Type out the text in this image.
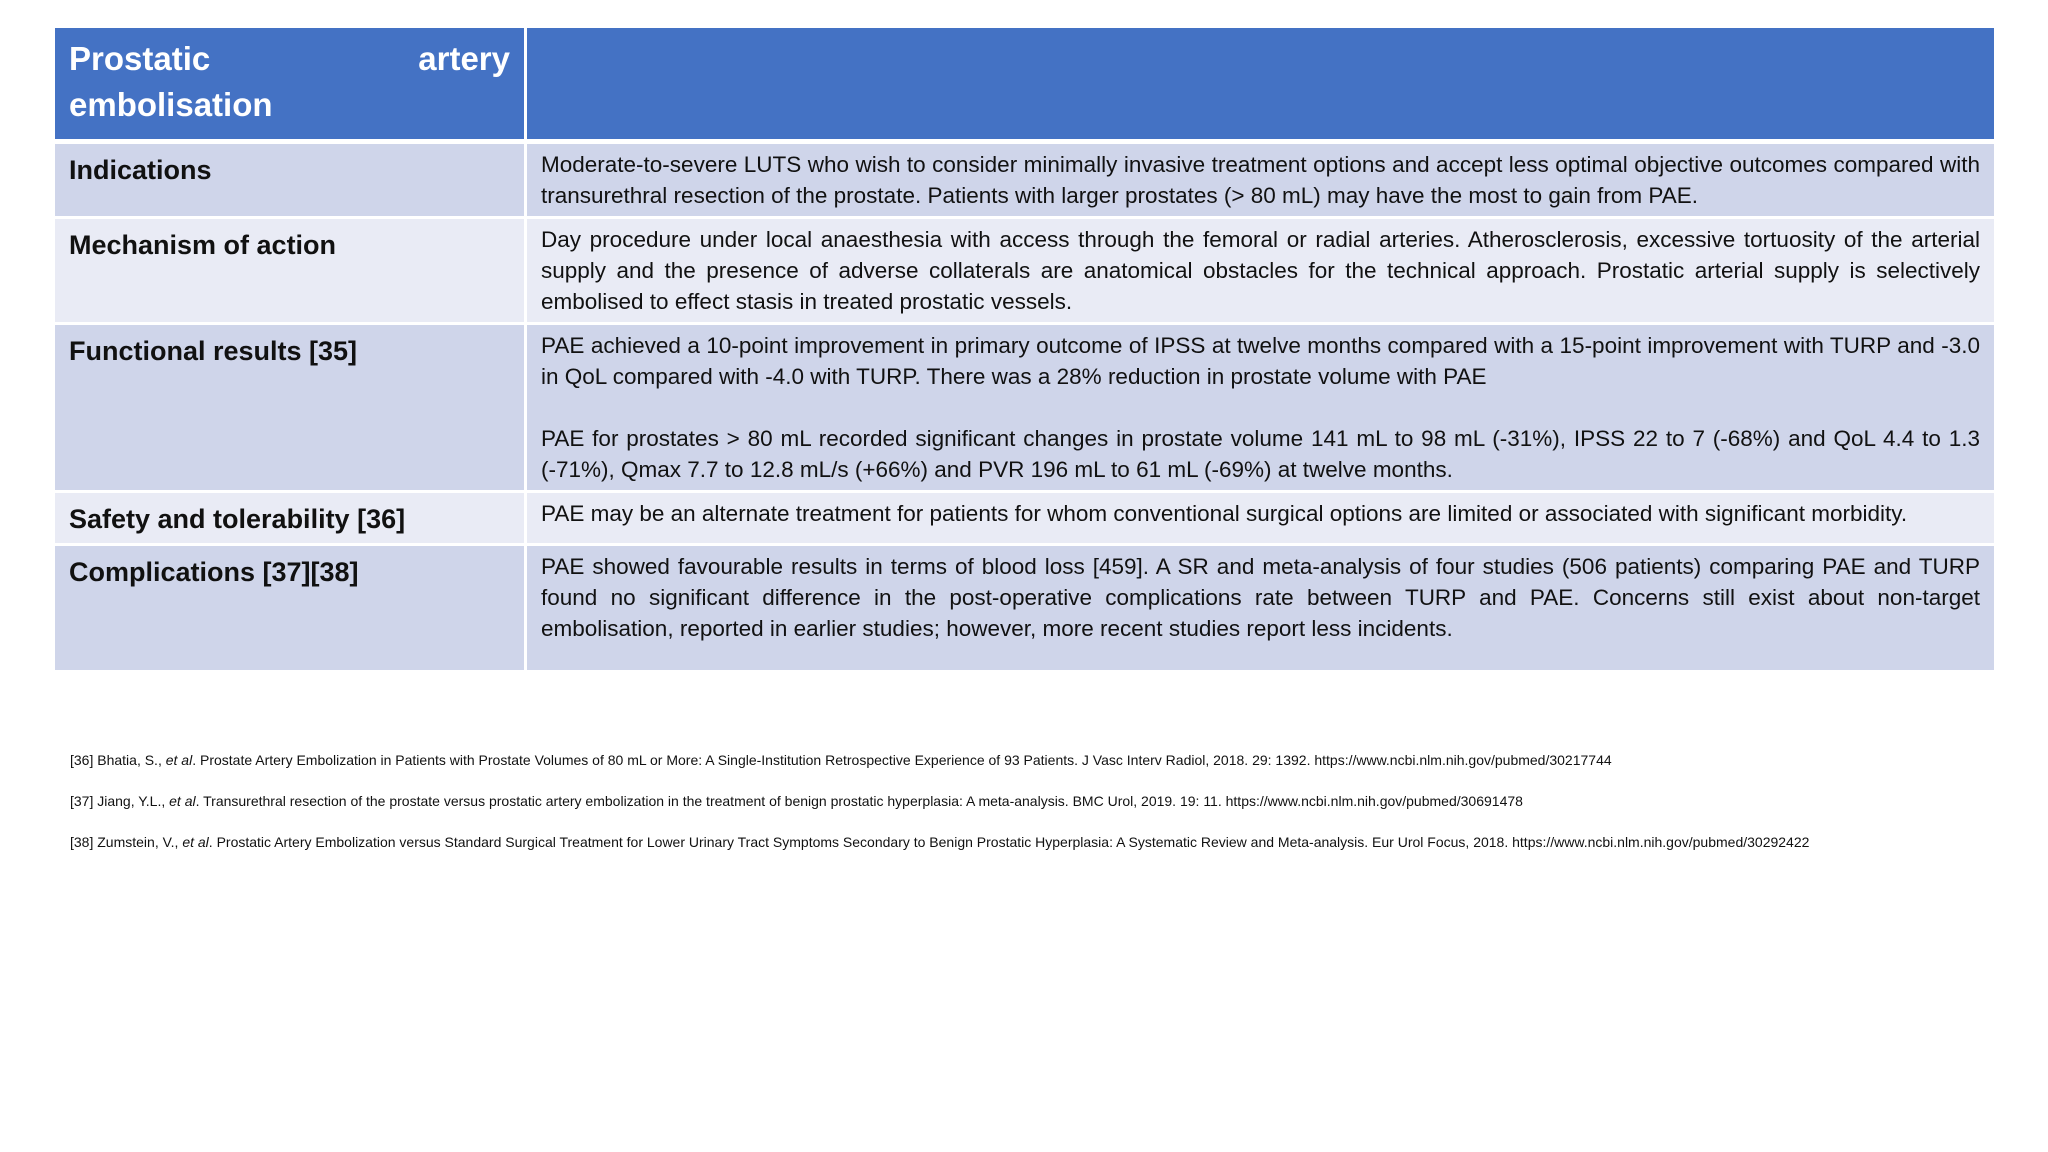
Prostatic artery
embolisation	

Indications	Moderate-to-severe LUTS who wish to consider minimally invasive treatment options and accept less optimal objective outcomes compared with transurethral resection of the prostate. Patients with larger prostates (> 80 mL) may have the most to gain from PAE.
Mechanism of action	Day procedure under local anaesthesia with access through the femoral or radial arteries. Atherosclerosis, excessive tortuosity of the arterial supply and the presence of adverse collaterals are anatomical obstacles for the technical approach. Prostatic arterial supply is selectively embolised to effect stasis in treated prostatic vessels.
Functional results [35]	PAE achieved a 10-point improvement in primary outcome of IPSS at twelve months compared with a 15-point improvement with TURP and -3.0 in QoL compared with -4.0 with TURP. There was a 28% reduction in prostate volume with PAE
PAE for prostates > 80 mL recorded significant changes in prostate volume 141 mL to 98 mL (-31%), IPSS 22 to 7 (-68%) and QoL 4.4 to 1.3 (-71%), Qmax 7.7 to 12.8 mL/s (+66%) and PVR 196 mL to 61 mL (-69%) at twelve months.

Safety and tolerability [36]	PAE may be an alternate treatment for patients for whom conventional surgical options are limited or associated with significant morbidity.
Complications [37][38]	PAE showed favourable results in terms of blood loss [459]. A SR and meta-analysis of four studies (506 patients) comparing PAE and TURP found no significant difference in the post-operative complications rate between TURP and PAE. Concerns still exist about non-target embolisation, reported in earlier studies; however, more recent studies report less incidents.
[36] Bhatia, S., et al. Prostate Artery Embolization in Patients with Prostate Volumes of 80 mL or More: A Single-Institution Retrospective Experience of 93 Patients. J Vasc Interv Radiol, 2018. 29: 1392. https://www.ncbi.nlm.nih.gov/pubmed/30217744
[37] Jiang, Y.L., et al. Transurethral resection of the prostate versus prostatic artery embolization in the treatment of benign prostatic hyperplasia: A meta-analysis. BMC Urol, 2019. 19: 11. https://www.ncbi.nlm.nih.gov/pubmed/30691478
[38] Zumstein, V., et al. Prostatic Artery Embolization versus Standard Surgical Treatment for Lower Urinary Tract Symptoms Secondary to Benign Prostatic Hyperplasia: A Systematic Review and Meta-analysis. Eur Urol Focus, 2018. https://www.ncbi.nlm.nih.gov/pubmed/30292422
